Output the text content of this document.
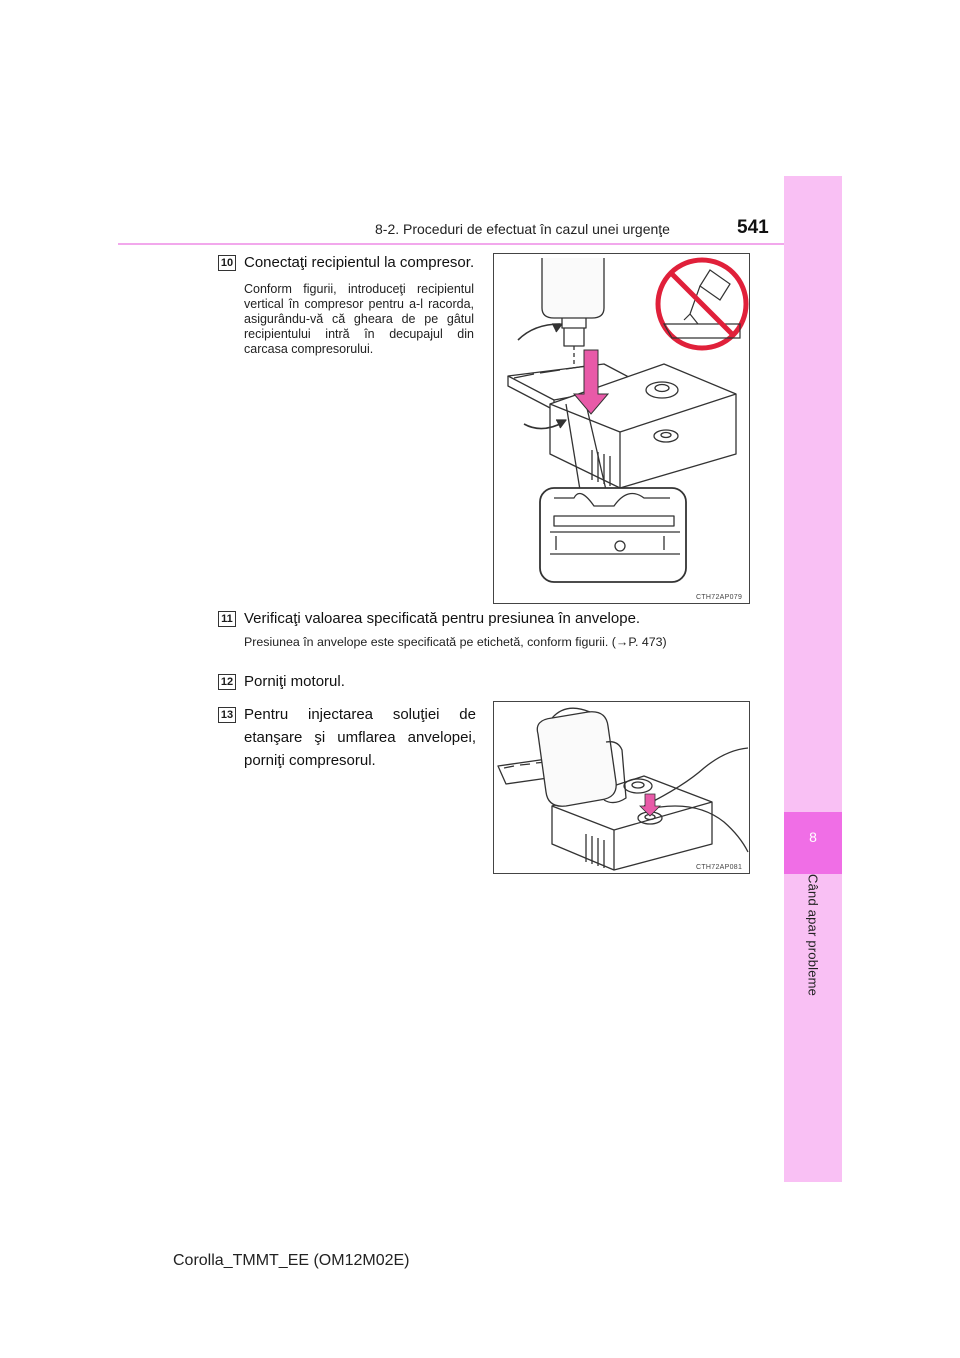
8
Când apar probleme
8-2. Proceduri de efectuat în cazul unei urgenţe	541
10 Conectaţi recipientul la compresor.
Conform figurii, introduceţi recipientul vertical în compresor pentru a-l racorda, asigurându-vă că gheara de pe gâtul recipientului intră în decupajul din carcasa compresorului.
CTH72AP079
11 Verificaţi valoarea specificată pentru presiunea în anvelope.
Presiunea în anvelope este specificată pe etichetă, conform figurii. (→P. 473)
12 Porniţi motorul.
13 Pentru injectarea soluţiei de etanşare şi umflarea anvelopei, porniţi compresorul.
CTH72AP081
Corolla_TMMT_EE (OM12M02E)
